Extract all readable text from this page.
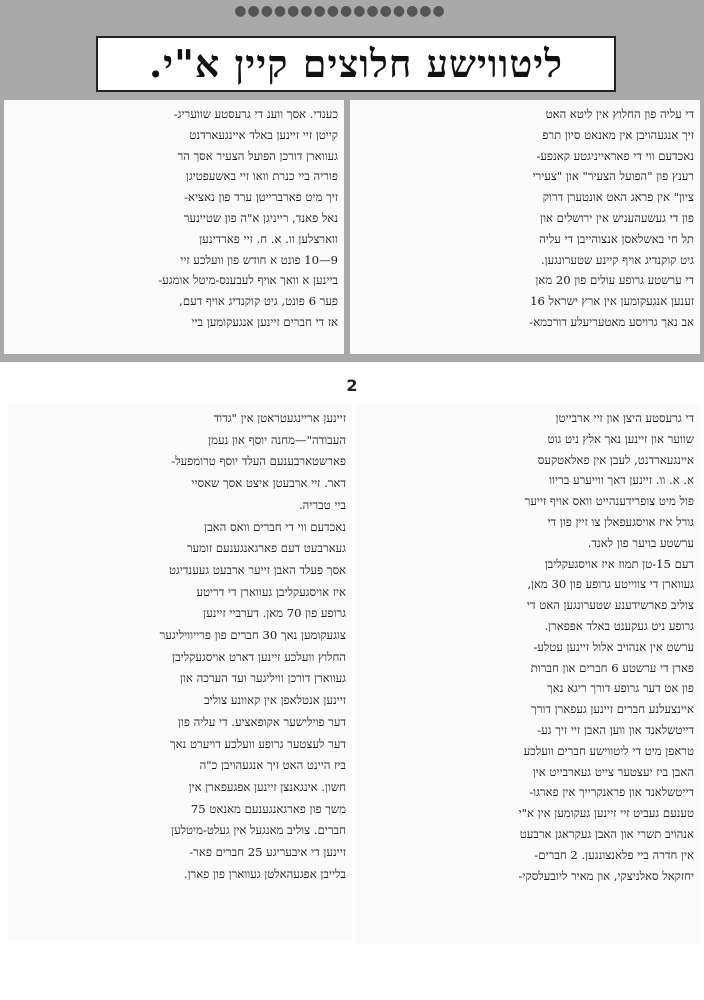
●●●●●●●●●●●●●●●●
ליטווישע חלוצים קיין א"י.
די עליה פון החלוץ אין ליטא האט
זיך אנגעהויבן אין מאנאט סיון תרפ
נאכדעם ווי די פאראייניגטע קאנפע-
רענץ פון "הפועל הצעיר" און "צעירי
ציון" אין פראג האט אונטערן דרוק
פון די געשעהעניש אין ירושלים און
תל חי באשלאסן אנצוהייבן די עליה
גיט קוקנדיג אויף קיינע שטערונגען.
די ערשטע גרופע עולים פון 20 מאן
זענען אנגעקומען אין ארץ ישראל 16
אב נאך גרויסע מאטעריעלע דורכמא-
כענדי. אסך ווענ די גרעסטע שוועריג-
קייטן זיי זיינען באלד איינגעארדנט
געווארן דורכן הפועל הצעיר אסך הר
פוריה ביי כנרת וואו זיי באשעפטיגן
זיך מיט פארברייטן ערד פון נאציא-
נאל פאנד, רייניגן א"ה פון שטיינער
ווארצלען וו. א. ח. זיי פארדינען
9—10 פונט א חודש פון וועלכע זיי
ביינען א וואך אויף לעבענס-מיטל אומגע-
פער 6 פונט, גיט קוקנדיג אויף דעם,
אז די חברים זיינען אנגעקומען ביי
2
די גרעסטע היצן און זיי ארבייטן
שווער און זיינען נאך אלץ ניט גוט
איינגעארדנט, לעבן אין פאלאטקעס
א. א. וו. זיינען דאך ווייערע בריוו
פול מיט צופרידענהייט וואס אויף זייער
גורל איז אויסגעפאלן צו זיין פון די
ערשטע בויער פון לאנד.
דעם 15-טן תמוז איז אויסגעקליבן
געווארן די צווייטע גרופע פון 30 מאן,
צוליב פארשידענע שטערונגען האט די
גרופע ניט געקענט באלד אפפארן.
ערשט אין אנהויב אלול זיינען עטלע-
פארן די ערשטע 6 חברים און חברות
פון אט דער גרופע דורך ריגא נאך
איינצעלנע חברים זיינען געפארן דורך
דייטשלאנד און ווען האבן זיי זיך גע-
טראפן מיט די ליטווישע חברים וועלכע
האבן ביז יעצטער צייט געארבייט אין
דייטשלאנד און פראנקרייך אין פארגו-
טענעם געביט זיי זיינען געקומען אין א"י
אנהויב תשרי און האבן געקראגן ארבעט
אין חדרה ביי פלאנצונגען. 2 חברים-
יחזקאל סאלניצקי, און מאיר ליובעלסקי-
זיינען אריינגעטראטן אין "גדוד
העבודה"—מחנה יוסף און נעמן
פארשטארבענעם העלד יוסף טרומפעל-
דאר. זיי ארבעטן איצט אסך שאסיי
ביי טבריה.
נאכדעם ווי די חברים וואס האבן
געארבעט דעם פארגאנגענעם זומער
אסך פעלד האבן זייער ארבעט געענדיגט
איז אויסגעקליבן געווארן די דריטע
גרופע פון 70 מאן. דערביי זיינען
צוגעקומען נאך 30 חברים פון פרייוויליגער
החלוץ וועלכע זיינען דארט אויסגעקליבן
געווארן דורכן וויליגער ועד הערכה און
זיינען אנטלאפן אין קאוונע צוליב
דער פוילישער אקופאציע. די עליה פון
דער לעצטער גרופע וועלכע דויערט נאך
ביז היינט האט זיך אנגעהויבן כ"ה
חשון. אינגאנצן זיינען אפגעפארן אין
משך פון פארגאנגענעם מאנאט 75
חברים. צוליב מאנגעל אין געלט-מיטלען
זיינען די איבעריגע 25 חברים פאר-
בלייבן אפגעהאלטן געווארן פון פארן.
